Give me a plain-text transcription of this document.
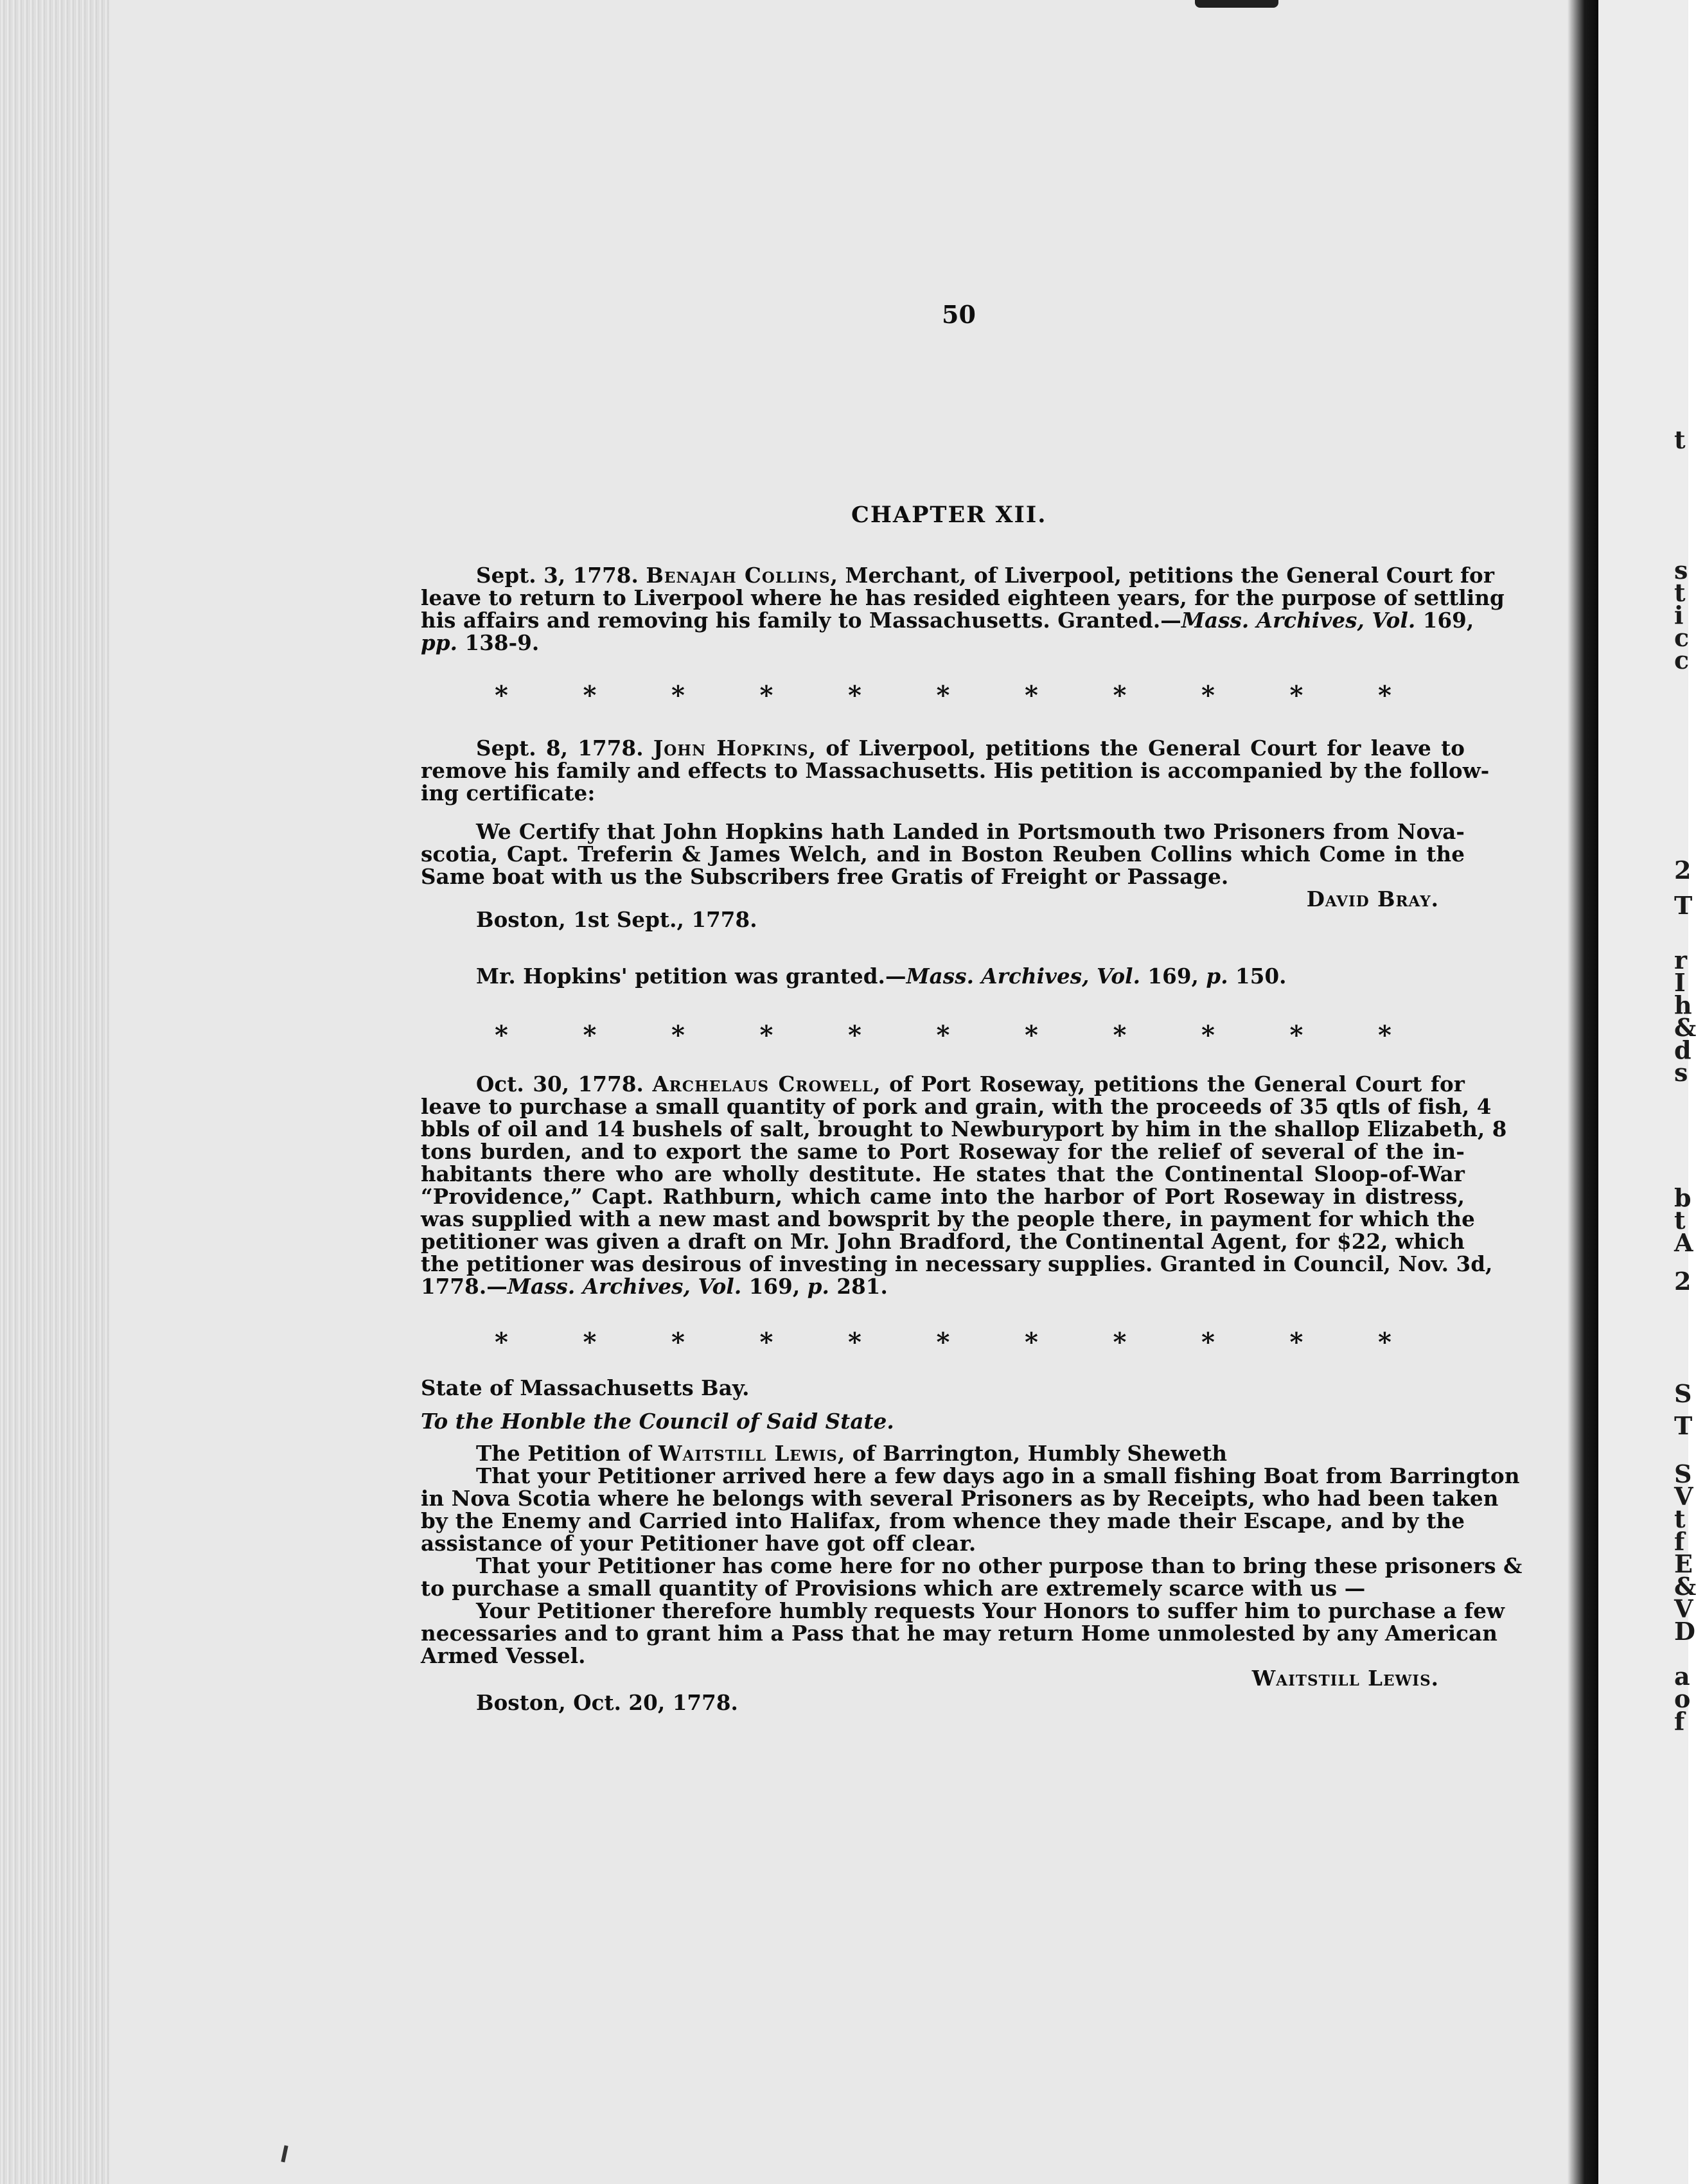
50
CHAPTER XII.
Sept. 3, 1778. Benajah Collins, Merchant, of Liverpool, petitions the General Court for
leave to return to Liverpool where he has resided eighteen years, for the purpose of settling
his affairs and removing his family to Massachusetts. Granted.—Mass. Archives, Vol. 169,
pp. 138-9.
*	*	*	*	*	*	*	*	*	*	*
Sept. 8, 1778. John Hopkins, of Liverpool, petitions the General Court for leave to
remove his family and effects to Massachusetts. His petition is accompanied by the follow-
ing certificate:
We Certify that John Hopkins hath Landed in Portsmouth two Prisoners from Nova-
scotia, Capt. Treferin & James Welch, and in Boston Reuben Collins which Come in the
Same boat with us the Subscribers free Gratis of Freight or Passage.
David Bray.
Boston, 1st Sept., 1778.
Mr. Hopkins' petition was granted.—Mass. Archives, Vol. 169, p. 150.
*	*	*	*	*	*	*	*	*	*	*
Oct. 30, 1778. Archelaus Crowell, of Port Roseway, petitions the General Court for
leave to purchase a small quantity of pork and grain, with the proceeds of 35 qtls of fish, 4
bbls of oil and 14 bushels of salt, brought to Newburyport by him in the shallop Elizabeth, 8
tons burden, and to export the same to Port Roseway for the relief of several of the in-
habitants there who are wholly destitute. He states that the Continental Sloop-of-War
“Providence,” Capt. Rathburn, which came into the harbor of Port Roseway in distress,
was supplied with a new mast and bowsprit by the people there, in payment for which the
petitioner was given a draft on Mr. John Bradford, the Continental Agent, for $22, which
the petitioner was desirous of investing in necessary supplies. Granted in Council, Nov. 3d,
1778.—Mass. Archives, Vol. 169, p. 281.
*	*	*	*	*	*	*	*	*	*	*
State of Massachusetts Bay.
To the Honble the Council of Said State.
The Petition of Waitstill Lewis, of Barrington, Humbly Sheweth
That your Petitioner arrived here a few days ago in a small fishing Boat from Barrington
in Nova Scotia where he belongs with several Prisoners as by Receipts, who had been taken
by the Enemy and Carried into Halifax, from whence they made their Escape, and by the
assistance of your Petitioner have got off clear.
That your Petitioner has come here for no other purpose than to bring these prisoners &
to purchase a small quantity of Provisions which are extremely scarce with us —
Your Petitioner therefore humbly requests Your Honors to suffer him to purchase a few
necessaries and to grant him a Pass that he may return Home unmolested by any American
Armed Vessel.
Waitstill Lewis.
Boston, Oct. 20, 1778.
t
s
t
i
c
c
2
T
r
I
h
&
d
s
b
t
A
2
S
T
S
V
t
f
E
&
V
D
a
o
f
